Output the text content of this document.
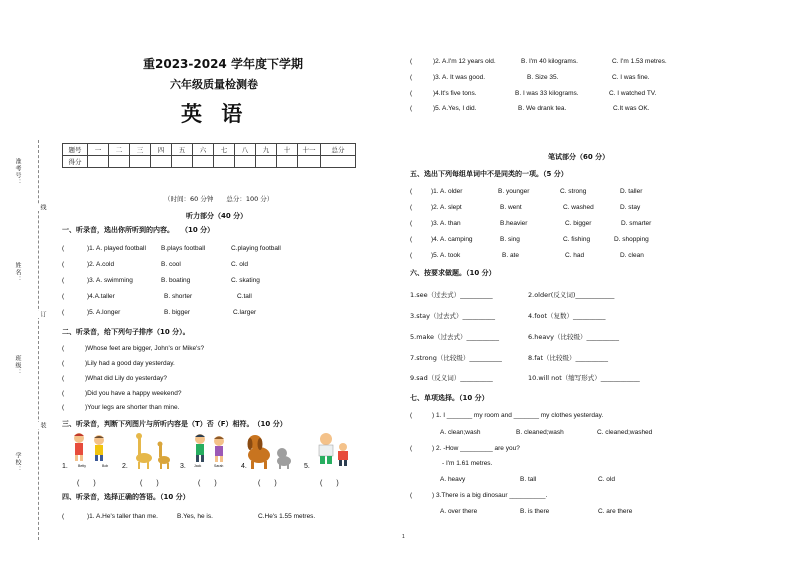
准考号：
姓名：
班级：
学校：
线
订
装
重2023-2024 学年度下学期
六年级质量检测卷
英 语
题号	一	二	三	四	五	六	七	八	九	十	十一	总分
得分												
（时间：60 分钟　　总分：100 分）
听力部分（40 分）
一、听录音，选出你所听到的内容。　　（10 分）
(	)1. A. played football B.plays football	C.playing football
(	)2. A.cold	B. cool	C. old
(	)3. A. swimming	B. boating	C. skating
(	)4.A.taller	B. shorter	C.tall
(	)5. A.longer	B. bigger	C.larger
二、听录音，给下列句子排序（10 分）。
(	)Whose feet are bigger, John's or Mike's?
(	)Lily had a good day yesterday.
(	)What did Lily do yesterday?
(	)Did you have a happy weekend?
(	)Your legs are shorter than mine.
三、听录音，判断下列图片与所听内容是（T）否（F）相符。　（10 分）
Betty	Bob	Jack	Sarah
1.	2.	3.	4.	5.
(　　)	(　　)	(　　)	(　　)	(　　)
四、听录音，选择正确的答语。（10 分）
(	)1. A.He's taller than me.	B.Yes, he is.	C.He's 1.55 metres.
(	)2. A.I'm 12 years old.	B. I'm 40 kilograms.	C. I'm 1.53 metres.
(	)3. A. It was good.	B. Size 35.	C. I was fine.
(	)4.It's five tons.	B. I was 33 kilograms.	C. I watched TV.
(	)5. A.Yes, I did.	B. We drank tea.	C.It was OK.
笔试部分（60 分）
五、选出下列每组单词中不是同类的一项。（5 分）
(	)1. A. older	B. younger	C. strong	D. taller
(	)2. A. slept	B. went	C. washed	D. stay
(	)3. A. than	B.heavier	C. bigger	D. smarter
(	)4. A. camping	B. sing	C. fishing	D. shopping
(	)5. A. took	B. ate	C. had	D. clean
六、按要求做题。（10 分）
1.see（过去式）__________	2.older(反义词)____________
3.stay（过去式）__________	4.foot（复数）__________
5.make（过去式）__________	6.heavy（比较级）__________
7.strong（比较级）__________	8.fat（比较级）__________
9.sad（反义词）__________	10.will not（缩写形式）____________
七、单项选择。（10 分）
(	) 1. I _______ my room and _______ my clothes yesterday.
A. clean;wash	B. cleaned;wash	C. cleaned;washed
(	) 2. -How _________ are you?
- I'm 1.61 metres.
A. heavy	B. tall	C. old
(	) 3.There is a big dinosaur __________.
A. over there	B. is there	C. are there
1
